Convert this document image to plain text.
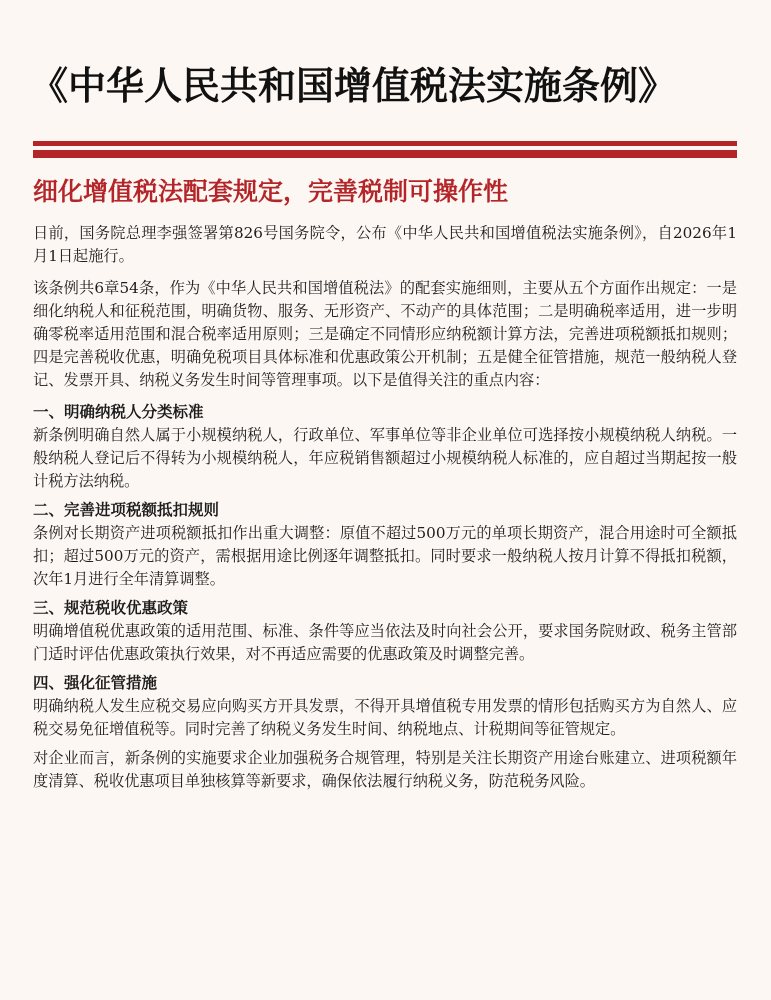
《中华人民共和国增值税法实施条例》
细化增值税法配套规定，完善税制可操作性

日前，国务院总理李强签署第826号国务院令，公布《中华人民共和国增值税法实施条例》，自2026年1月1日起施行。

该条例共6章54条，作为《中华人民共和国增值税法》的配套实施细则，主要从五个方面作出规定：一是细化纳税人和征税范围，明确货物、服务、无形资产、不动产的具体范围；二是明确税率适用，进一步明确零税率适用范围和混合税率适用原则；三是确定不同情形应纳税额计算方法，完善进项税额抵扣规则；四是完善税收优惠，明确免税项目具体标准和优惠政策公开机制；五是健全征管措施，规范一般纳税人登记、发票开具、纳税义务发生时间等管理事项。以下是值得关注的重点内容：

一、明确纳税人分类标准

新条例明确自然人属于小规模纳税人，行政单位、军事单位等非企业单位可选择按小规模纳税人纳税。一般纳税人登记后不得转为小规模纳税人，年应税销售额超过小规模纳税人标准的，应自超过当期起按一般计税方法纳税。

二、完善进项税额抵扣规则

条例对长期资产进项税额抵扣作出重大调整：原值不超过500万元的单项长期资产，混合用途时可全额抵扣；超过500万元的资产，需根据用途比例逐年调整抵扣。同时要求一般纳税人按月计算不得抵扣税额，次年1月进行全年清算调整。

三、规范税收优惠政策

明确增值税优惠政策的适用范围、标准、条件等应当依法及时向社会公开，要求国务院财政、税务主管部门适时评估优惠政策执行效果，对不再适应需要的优惠政策及时调整完善。

四、强化征管措施

明确纳税人发生应税交易应向购买方开具发票，不得开具增值税专用发票的情形包括购买方为自然人、应税交易免征增值税等。同时完善了纳税义务发生时间、纳税地点、计税期间等征管规定。

对企业而言，新条例的实施要求企业加强税务合规管理，特别是关注长期资产用途台账建立、进项税额年度清算、税收优惠项目单独核算等新要求，确保依法履行纳税义务，防范税务风险。
